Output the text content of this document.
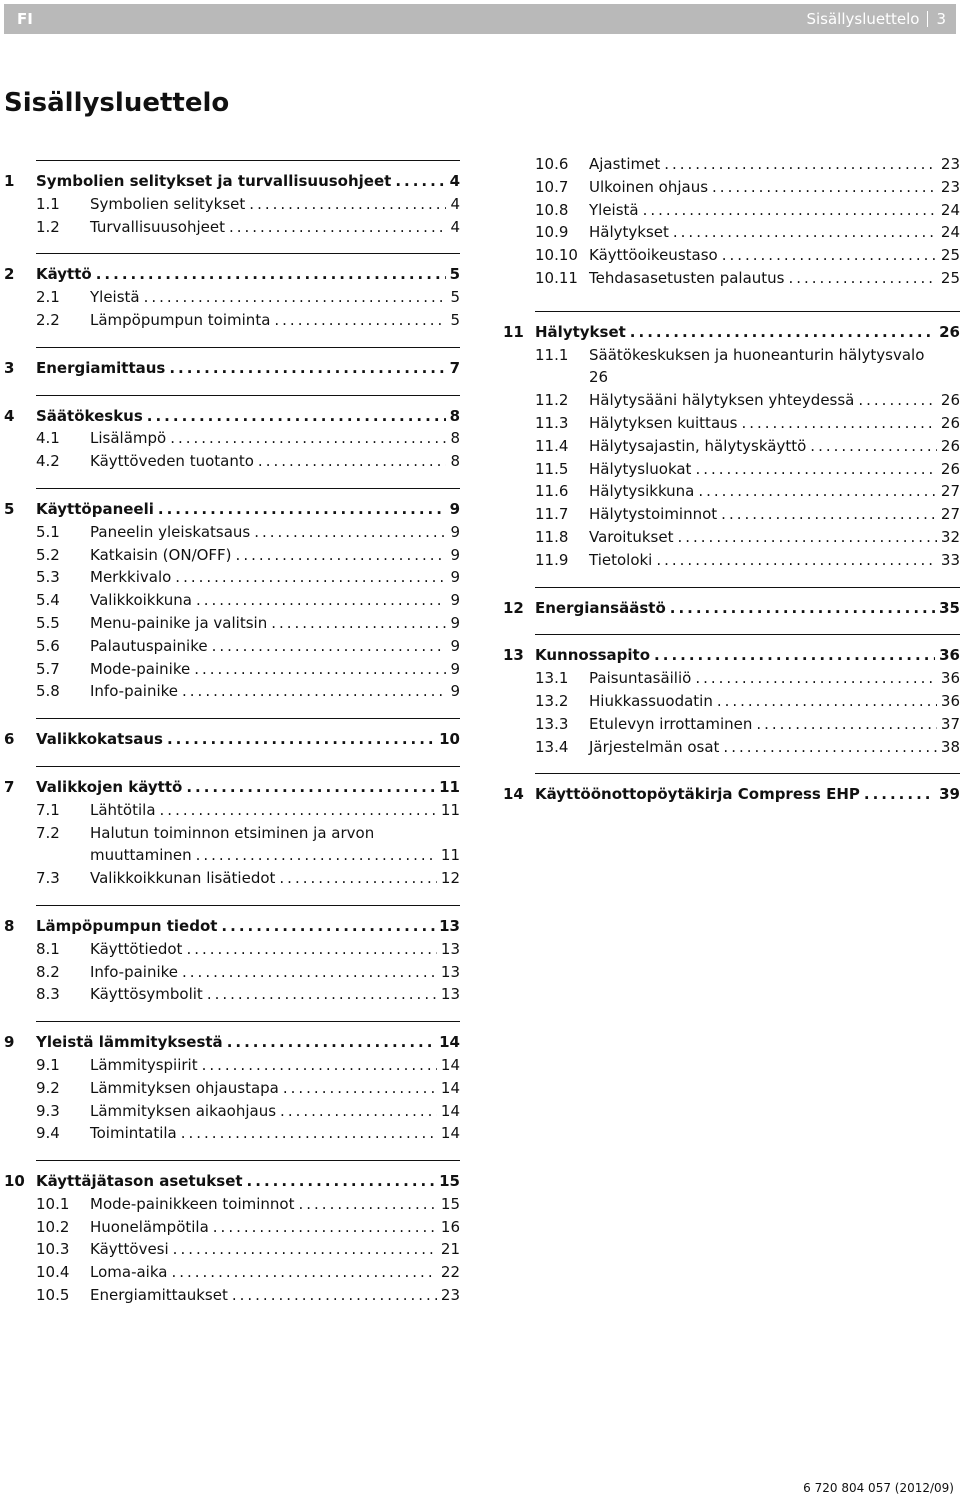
FI	Sisällysluettelo 3
Sisällysluettelo
1	Symbolien selitykset ja turvallisuusohjeet .....	4
1.1	Symbolien selitykset .....	4
1.2	Turvallisuusohjeet .....	4
2	Käyttö .....	5
2.1	Yleistä .....	5
2.2	Lämpöpumpun toiminta .....	5
3	Energiamittaus .....	7
4	Säätökeskus .....	8
4.1	Lisälämpö .....	8
4.2	Käyttöveden tuotanto .....	8
5	Käyttöpaneeli .....	9
5.1	Paneelin yleiskatsaus .....	9
5.2	Katkaisin (ON/OFF) .....	9
5.3	Merkkivalo .....	9
5.4	Valikkoikkuna .....	9
5.5	Menu-painike ja valitsin .....	9
5.6	Palautuspainike .....	9
5.7	Mode-painike .....	9
5.8	Info-painike .....	9
6	Valikkokatsaus .....	10
7	Valikkojen käyttö .....	11
7.1	Lähtötila .....	11
7.2	Halutun toiminnon etsiminen ja arvon
muuttaminen .....	11
7.3	Valikkoikkunan lisätiedot .....	12
8	Lämpöpumpun tiedot .....	13
8.1	Käyttötiedot .....	13
8.2	Info-painike .....	13
8.3	Käyttösymbolit .....	13
9	Yleistä lämmityksestä .....	14
9.1	Lämmityspiirit .....	14
9.2	Lämmityksen ohjaustapa .....	14
9.3	Lämmityksen aikaohjaus .....	14
9.4	Toimintatila .....	14
10 Käyttäjätason asetukset .....	15
10.1	Mode-painikkeen toiminnot .....	15
10.2	Huonelämpötila .....	16
10.3	Käyttövesi .....	21
10.4	Loma-aika .....	22
10.5	Energiamittaukset .....	23
10.6	Ajastimet .....	23
10.7	Ulkoinen ohjaus .....	23
10.8	Yleistä .....	24
10.9	Hälytykset .....	24
10.10 Käyttöoikeustaso .....	25
10.11 Tehdasasetusten palautus .....	25
11 Hälytykset .....	26
11.1	Säätökeskuksen ja huoneanturin hälytysvalo
26
11.2	Hälytysääni hälytyksen yhteydessä .....	26
11.3	Hälytyksen kuittaus .....	26
11.4	Hälytysajastin, hälytyskäyttö .....	26
11.5	Hälytysluokat .....	26
11.6	Hälytysikkuna .....	27
11.7	Hälytystoiminnot .....	27
11.8	Varoitukset .....	32
11.9	Tietoloki .....	33
12 Energiansäästö .....	35
13 Kunnossapito .....	36
13.1	Paisuntasäiliö .....	36
13.2	Hiukkassuodatin .....	36
13.3	Etulevyn irrottaminen .....	37
13.4	Järjestelmän osat .....	38
14 Käyttöönottopöytäkirja Compress EHP .....	39
6 720 804 057 (2012/09)
